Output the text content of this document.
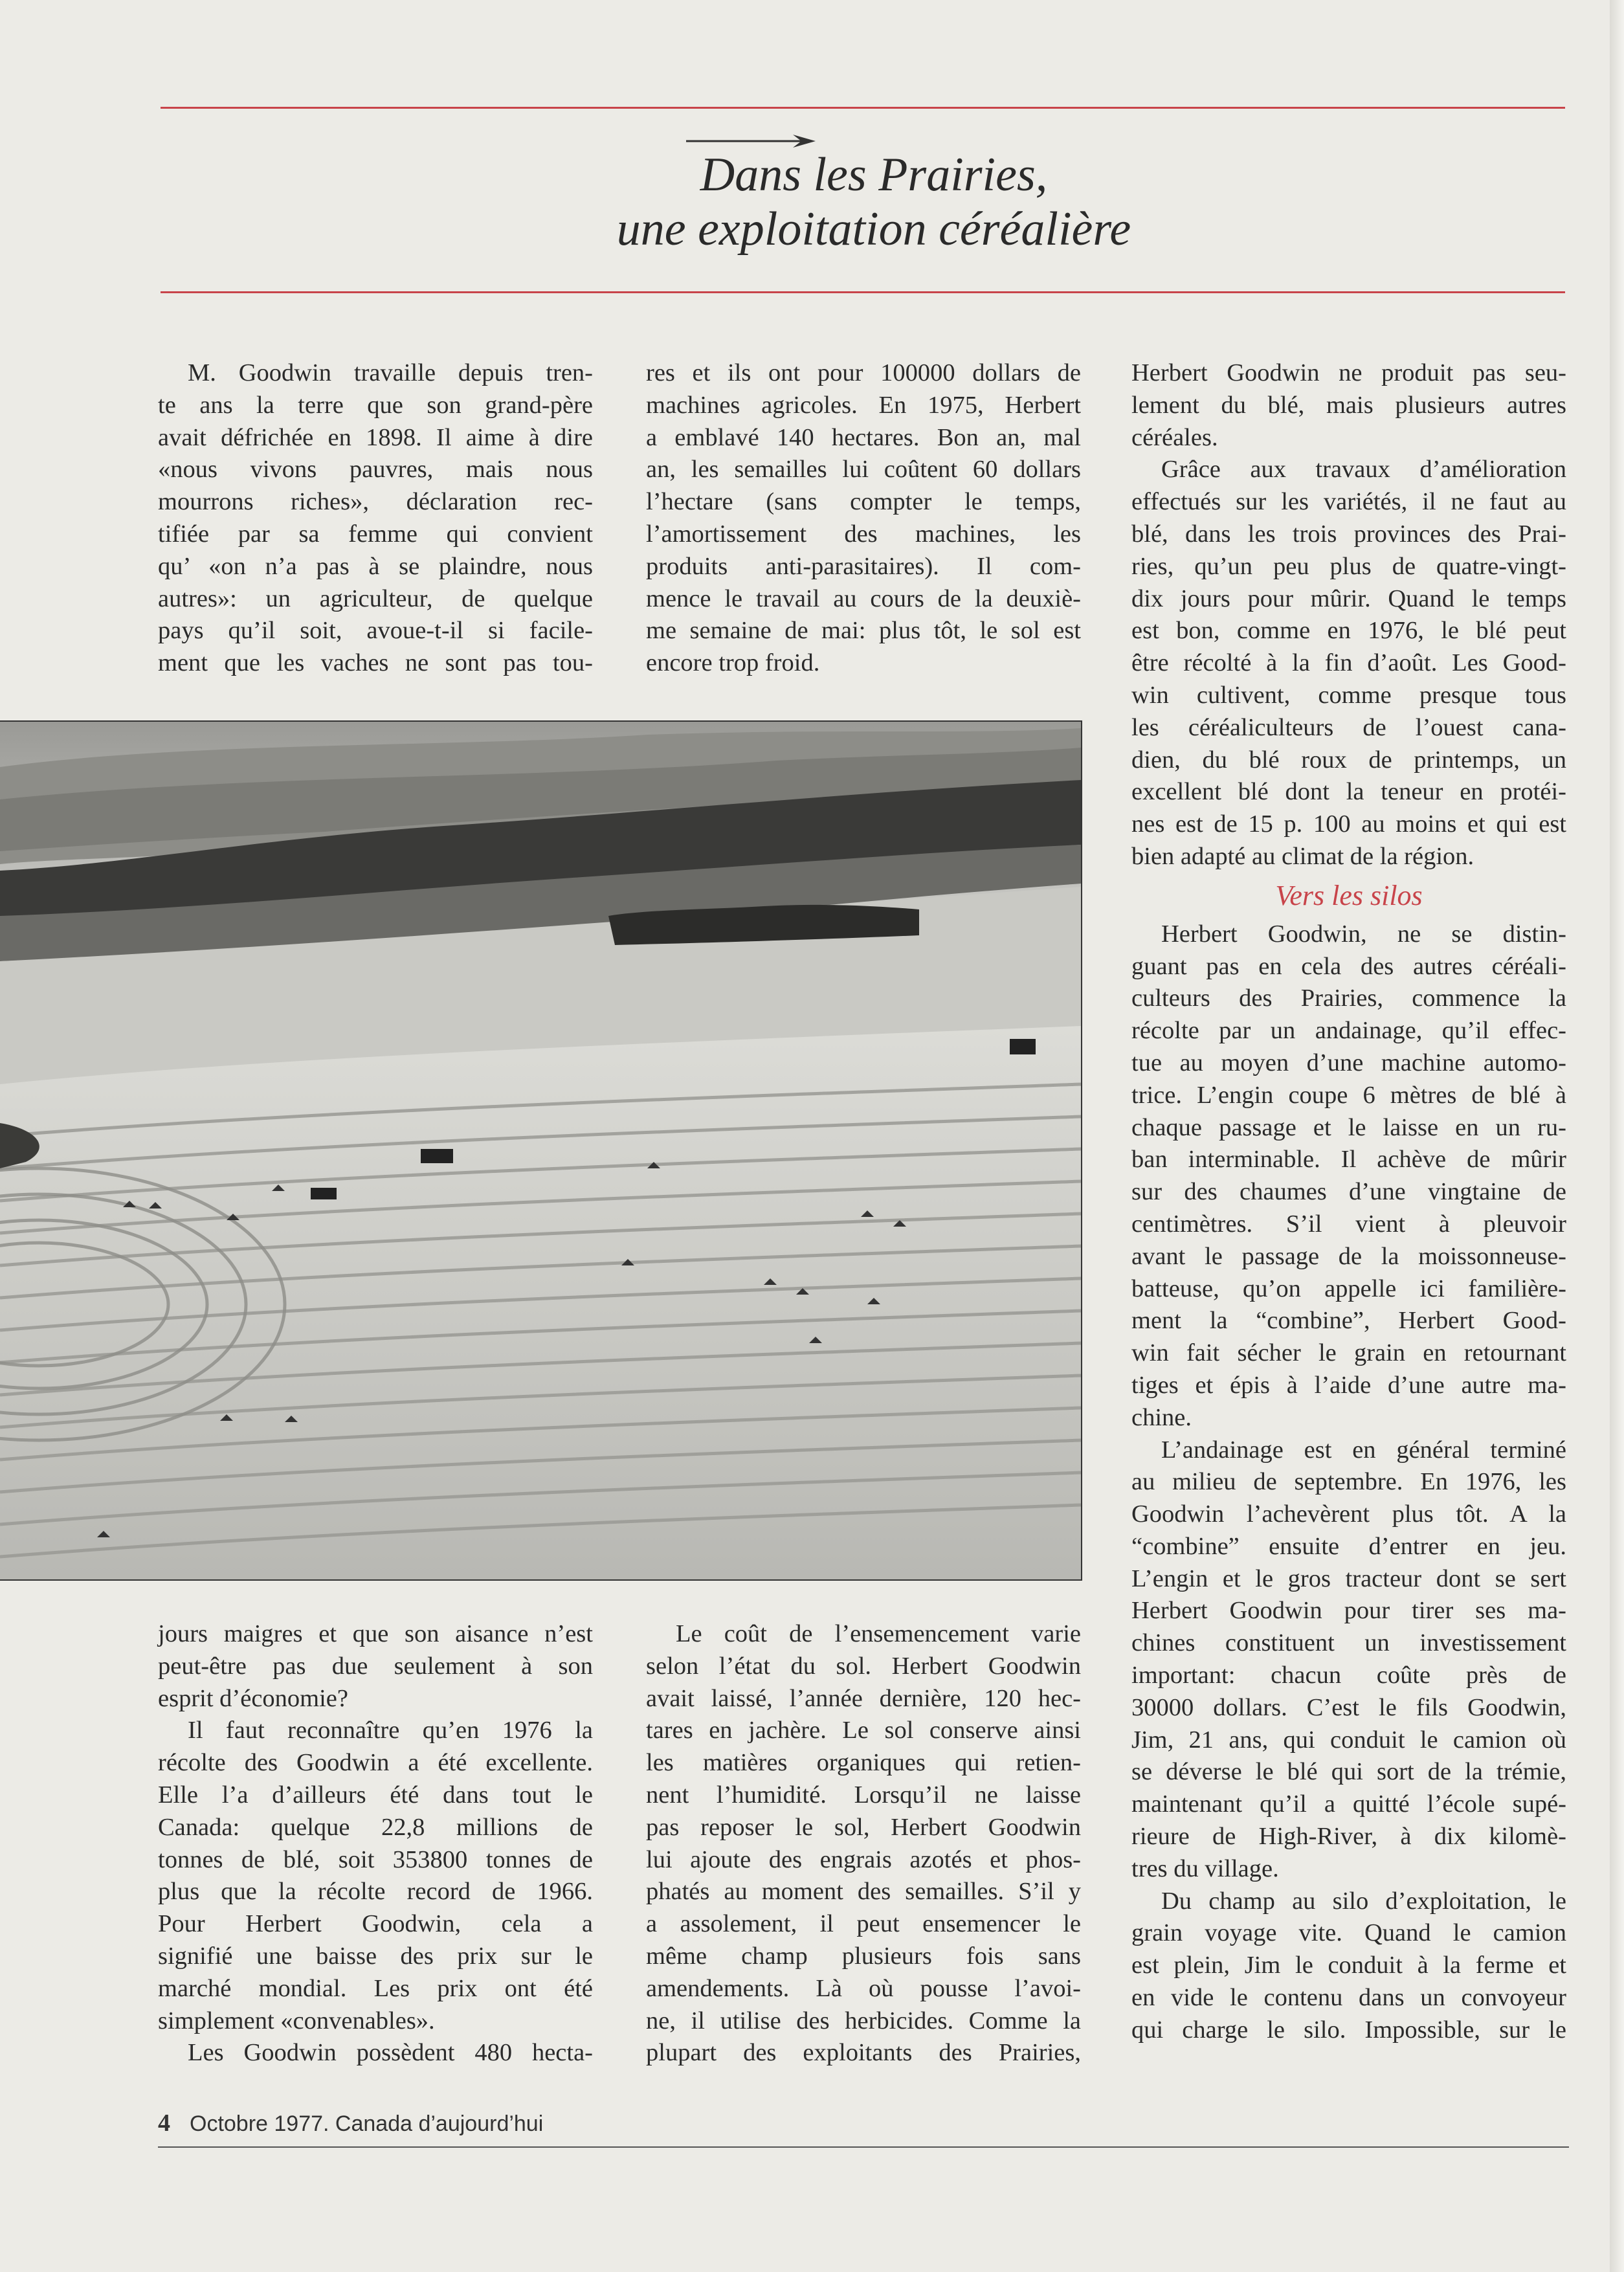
Dans les Prairies,
une exploitation céréalière
M. Goodwin travaille depuis tren-
te ans la terre que son grand-père
avait défrichée en 1898. Il aime à dire
«nous vivons pauvres, mais nous
mourrons riches», déclaration rec-
tifiée par sa femme qui convient
qu’ «on n’a pas à se plaindre, nous
autres»: un agriculteur, de quelque
pays qu’il soit, avoue-t-il si facile-
ment que les vaches ne sont pas tou-
res et ils ont pour 100000 dollars de
machines agricoles. En 1975, Herbert
a emblavé 140 hectares. Bon an, mal
an, les semailles lui coûtent 60 dollars
l’hectare (sans compter le temps,
l’amortissement des machines, les
produits anti-parasitaires). Il com-
mence le travail au cours de la deuxiè-
me semaine de mai: plus tôt, le sol est
encore trop froid.
Herbert Goodwin ne produit pas seu-
lement du blé, mais plusieurs autres
céréales.
Grâce aux travaux d’amélioration
effectués sur les variétés, il ne faut au
blé, dans les trois provinces des Prai-
ries, qu’un peu plus de quatre-vingt-
dix jours pour mûrir. Quand le temps
est bon, comme en 1976, le blé peut
être récolté à la fin d’août. Les Good-
win cultivent, comme presque tous
les céréaliculteurs de l’ouest cana-
dien, du blé roux de printemps, un
excellent blé dont la teneur en protéi-
nes est de 15 p. 100 au moins et qui est
bien adapté au climat de la région.
Vers les silos
Herbert Goodwin, ne se distin-
guant pas en cela des autres céréali-
culteurs des Prairies, commence la
récolte par un andainage, qu’il effec-
tue au moyen d’une machine automo-
trice. L’engin coupe 6 mètres de blé à
chaque passage et le laisse en un ru-
ban interminable. Il achève de mûrir
sur des chaumes d’une vingtaine de
centimètres. S’il vient à pleuvoir
avant le passage de la moissonneuse-
batteuse, qu’on appelle ici familière-
ment la “combine”, Herbert Good-
win fait sécher le grain en retournant
tiges et épis à l’aide d’une autre ma-
chine.
L’andainage est en général terminé
au milieu de septembre. En 1976, les
Goodwin l’achevèrent plus tôt. A la
“combine” ensuite d’entrer en jeu.
L’engin et le gros tracteur dont se sert
Herbert Goodwin pour tirer ses ma-
chines constituent un investissement
important: chacun coûte près de
30000 dollars. C’est le fils Goodwin,
Jim, 21 ans, qui conduit le camion où
se déverse le blé qui sort de la trémie,
maintenant qu’il a quitté l’école supé-
rieure de High-River, à dix kilomè-
tres du village.
Du champ au silo d’exploitation, le
grain voyage vite. Quand le camion
est plein, Jim le conduit à la ferme et
en vide le contenu dans un convoyeur
qui charge le silo. Impossible, sur le
jours maigres et que son aisance n’est
peut-être pas due seulement à son
esprit d’économie?
Il faut reconnaître qu’en 1976 la
récolte des Goodwin a été excellente.
Elle l’a d’ailleurs été dans tout le
Canada: quelque 22,8 millions de
tonnes de blé, soit 353800 tonnes de
plus que la récolte record de 1966.
Pour Herbert Goodwin, cela a
signifié une baisse des prix sur le
marché mondial. Les prix ont été
simplement «convenables».
Les Goodwin possèdent 480 hecta-
Le coût de l’ensemencement varie
selon l’état du sol. Herbert Goodwin
avait laissé, l’année dernière, 120 hec-
tares en jachère. Le sol conserve ainsi
les matières organiques qui retien-
nent l’humidité. Lorsqu’il ne laisse
pas reposer le sol, Herbert Goodwin
lui ajoute des engrais azotés et phos-
phatés au moment des semailles. S’il y
a assolement, il peut ensemencer le
même champ plusieurs fois sans
amendements. Là où pousse l’avoi-
ne, il utilise des herbicides. Comme la
plupart des exploitants des Prairies,
4 Octobre 1977. Canada d’aujourd’hui
